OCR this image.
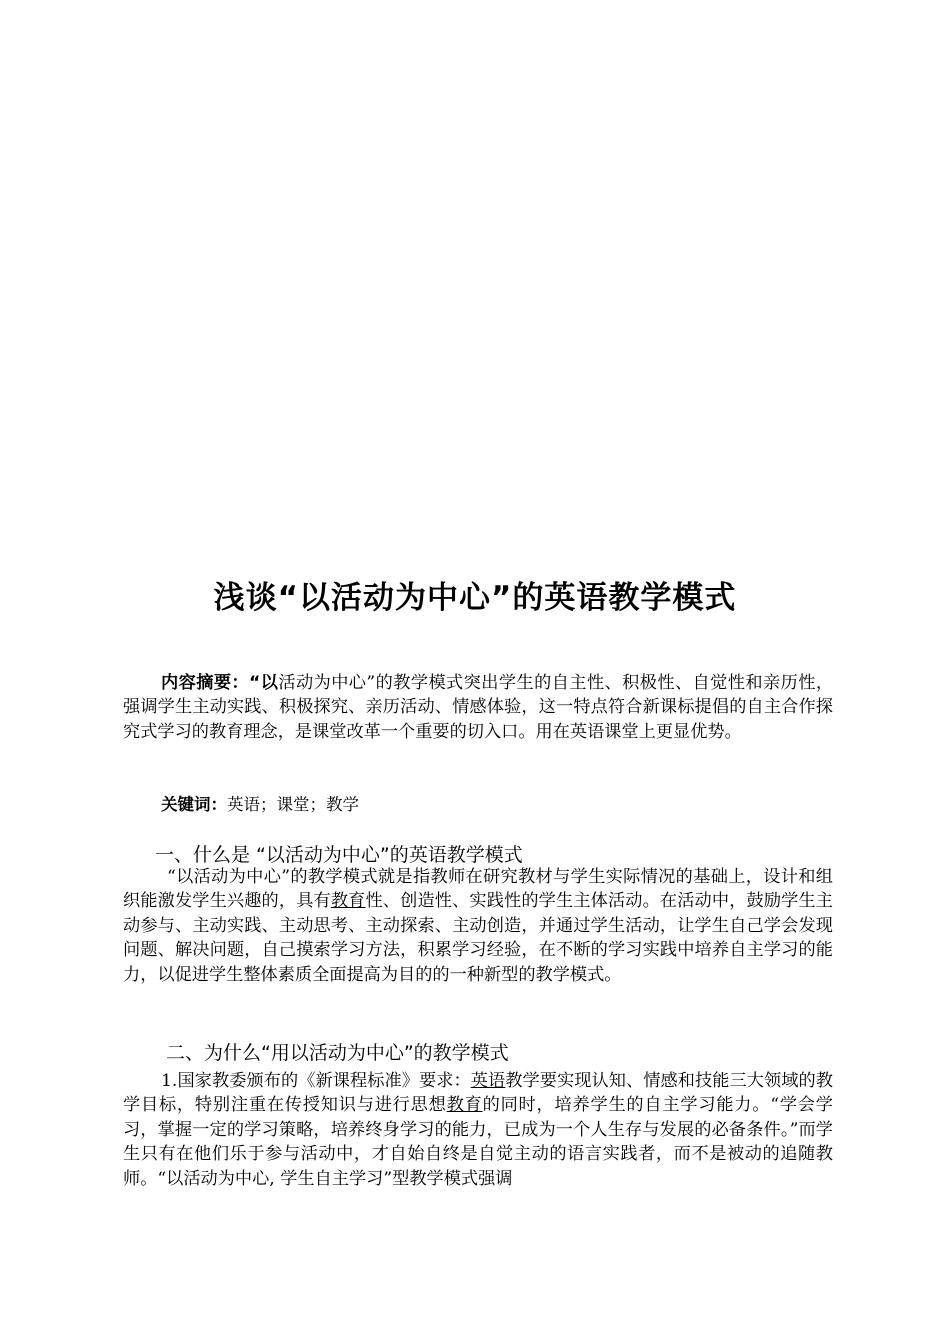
浅谈“以活动为中心”的英语教学模式

内容摘要：“以活动为中心”的教学模式突出学生的自主性、积极性、自觉性和亲历性，强调学生主动实践、积极探究、亲历活动、情感体验，这一特点符合新课标提倡的自主合作探究式学习的教育理念，是课堂改革一个重要的切入口。用在英语课堂上更显优势。

关键词：英语；课堂；教学
一、什么是 “以活动为中心”的英语教学模式

“以活动为中心”的教学模式就是指教师在研究教材与学生实际情况的基础上，设计和组织能激发学生兴趣的，具有教育性、创造性、实践性的学生主体活动。在活动中，鼓励学生主动参与、主动实践、主动思考、主动探索、主动创造，并通过学生活动，让学生自己学会发现问题、解决问题，自己摸索学习方法，积累学习经验，在不断的学习实践中培养自主学习的能力，以促进学生整体素质全面提高为目的的一种新型的教学模式。

二、为什么“用以活动为中心”的教学模式

1.国家教委颁布的《新课程标准》要求：英语教学要实现认知、情感和技能三大领域的教学目标，特别注重在传授知识与进行思想教育的同时，培养学生的自主学习能力。“学会学习，掌握一定的学习策略，培养终身学习的能力，已成为一个人生存与发展的必备条件。”而学生只有在他们乐于参与活动中，才自始自终是自觉主动的语言实践者，而不是被动的追随教师。“以活动为中心, 学生自主学习”型教学模式强调
